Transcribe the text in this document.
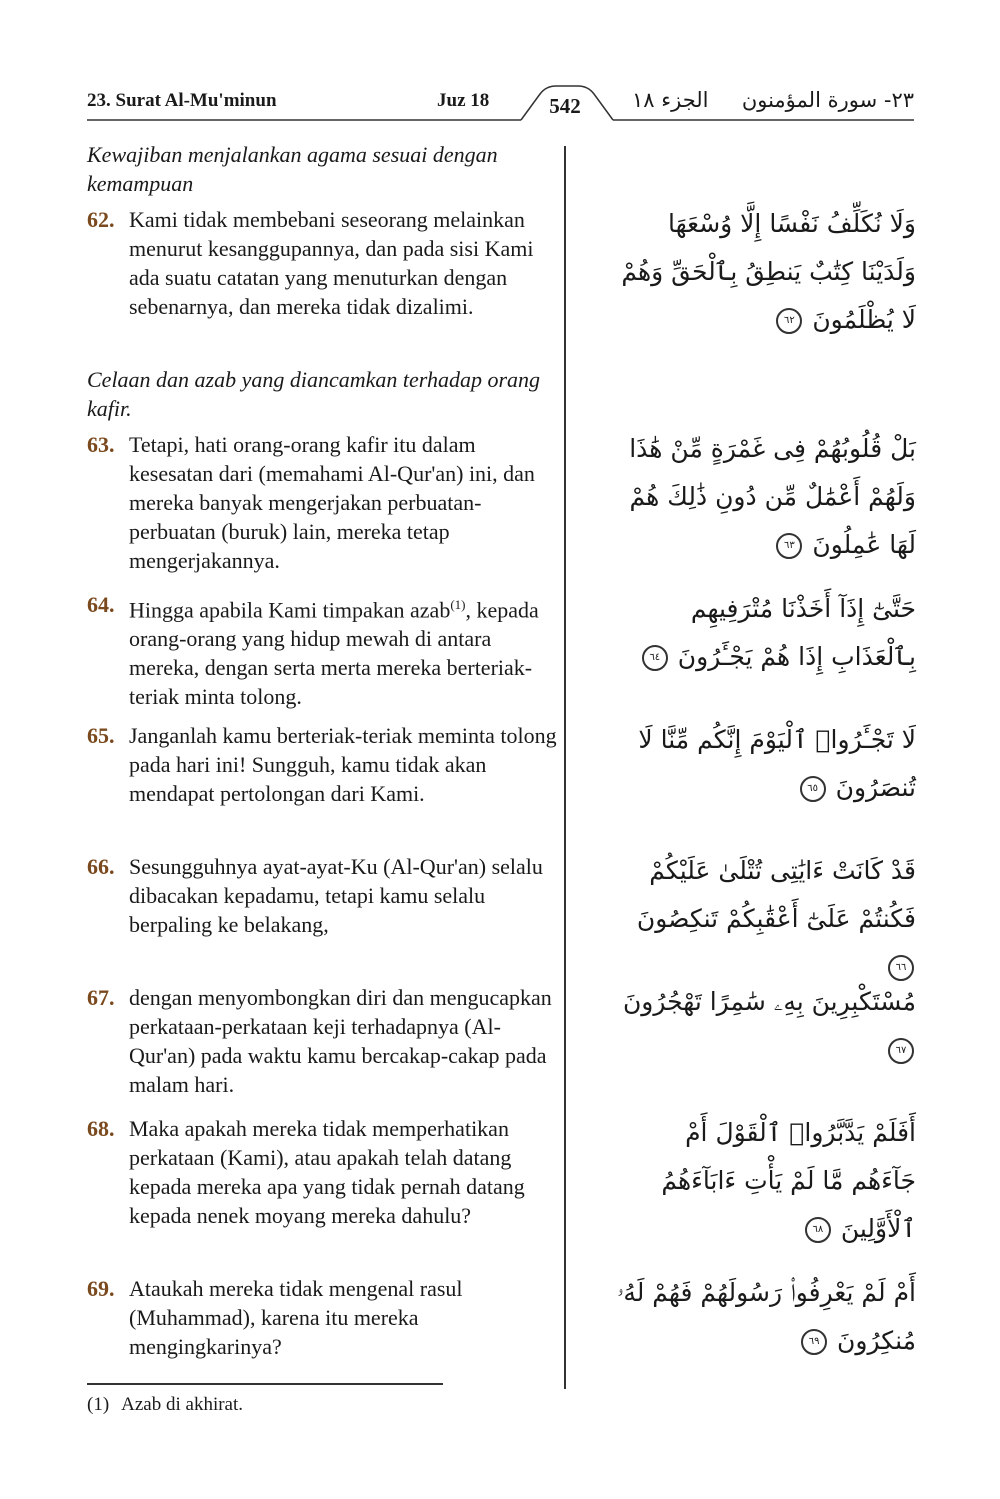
23. Surat Al-Mu'minun	Juz 18	542	الجزء ١٨ ٢٣- سورة المؤمنون
Kewajiban menjalankan agama sesuai dengan kemampuan
62. Kami tidak membebani seseorang melainkan menurut kesanggupannya, dan pada sisi Kami ada suatu catatan yang menuturkan dengan sebenarnya, dan mereka tidak dizalimi.
وَلَا نُكَلِّفُ نَفْسًا إِلَّا وُسْعَهَا وَلَدَيْنَا كِتَٰبٌ يَنطِقُ بِٱلْحَقِّ وَهُمْ لَا يُظْلَمُونَ ٦٢
Celaan dan azab yang diancamkan terhadap orang kafir.
63. Tetapi, hati orang-orang kafir itu dalam kesesatan dari (memahami Al-Qur'an) ini, dan mereka banyak mengerjakan perbuatan-perbuatan (buruk) lain, mereka tetap mengerjakannya.
بَلْ قُلُوبُهُمْ فِى غَمْرَةٍ مِّنْ هَٰذَا وَلَهُمْ أَعْمَٰلٌ مِّن دُونِ ذَٰلِكَ هُمْ لَهَا عَٰمِلُونَ ٦٣
64. Hingga apabila Kami timpakan azab$^{(1)}$, kepada orang-orang yang hidup mewah di antara mereka, dengan serta merta mereka berteriak-teriak minta tolong.
حَتَّىٰٓ إِذَآ أَخَذْنَا مُتْرَفِيهِم بِٱلْعَذَابِ إِذَا هُمْ يَجْـَٔرُونَ ٦٤
65. Janganlah kamu berteriak-teriak meminta tolong pada hari ini! Sungguh, kamu tidak akan mendapat pertolongan dari Kami.
لَا تَجْـَٔرُوا۟ ٱلْيَوْمَ إِنَّكُم مِّنَّا لَا تُنصَرُونَ ٦٥
66. Sesungguhnya ayat-ayat-Ku (Al-Qur'an) selalu dibacakan kepadamu, tetapi kamu selalu berpaling ke belakang,
قَدْ كَانَتْ ءَايَٰتِى تُتْلَىٰ عَلَيْكُمْ فَكُنتُمْ عَلَىٰٓ أَعْقَٰبِكُمْ تَنكِصُونَ ٦٦
67. dengan menyombongkan diri dan mengucapkan perkataan-perkataan keji terhadapnya (Al-Qur'an) pada waktu kamu bercakap-cakap pada malam hari.
مُسْتَكْبِرِينَ بِهِۦ سَٰمِرًا تَهْجُرُونَ ٦٧
68. Maka apakah mereka tidak memperhatikan perkataan (Kami), atau apakah telah datang kepada mereka apa yang tidak pernah datang kepada nenek moyang mereka dahulu?
أَفَلَمْ يَدَّبَّرُوا۟ ٱلْقَوْلَ أَمْ جَآءَهُم مَّا لَمْ يَأْتِ ءَابَآءَهُمُ ٱلْأَوَّلِينَ ٦٨
69. Ataukah mereka tidak mengenal rasul (Muhammad), karena itu mereka mengingkarinya?
أَمْ لَمْ يَعْرِفُوا۟ رَسُولَهُمْ فَهُمْ لَهُۥ مُنكِرُونَ ٦٩
(1) Azab di akhirat.
